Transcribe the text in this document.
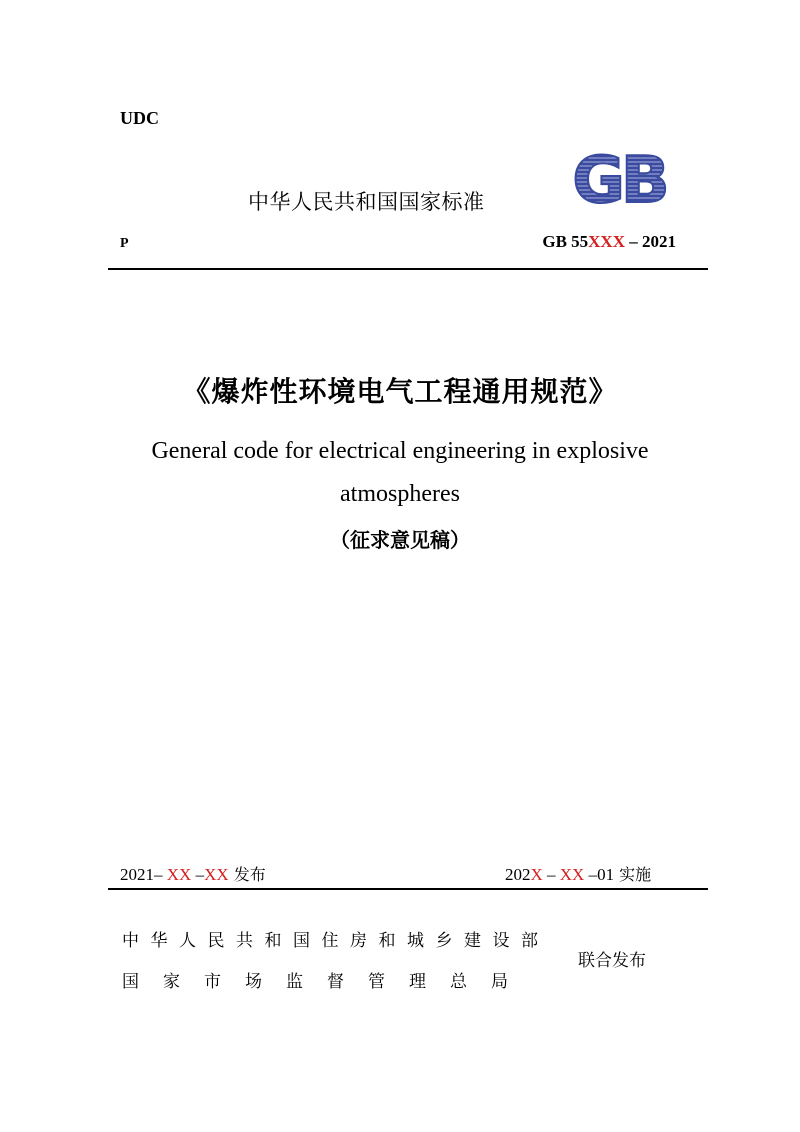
UDC
中华人民共和国国家标准 GB
P	GB 55XXX – 2021
《爆炸性环境电气工程通用规范》
General code for electrical engineering in explosive
atmospheres
（征求意见稿）
2021– XX –XX 发布	202X – XX –01 实施
中华人民共和国住房和城乡建设部
国家市场监督管理总局
联合发布
